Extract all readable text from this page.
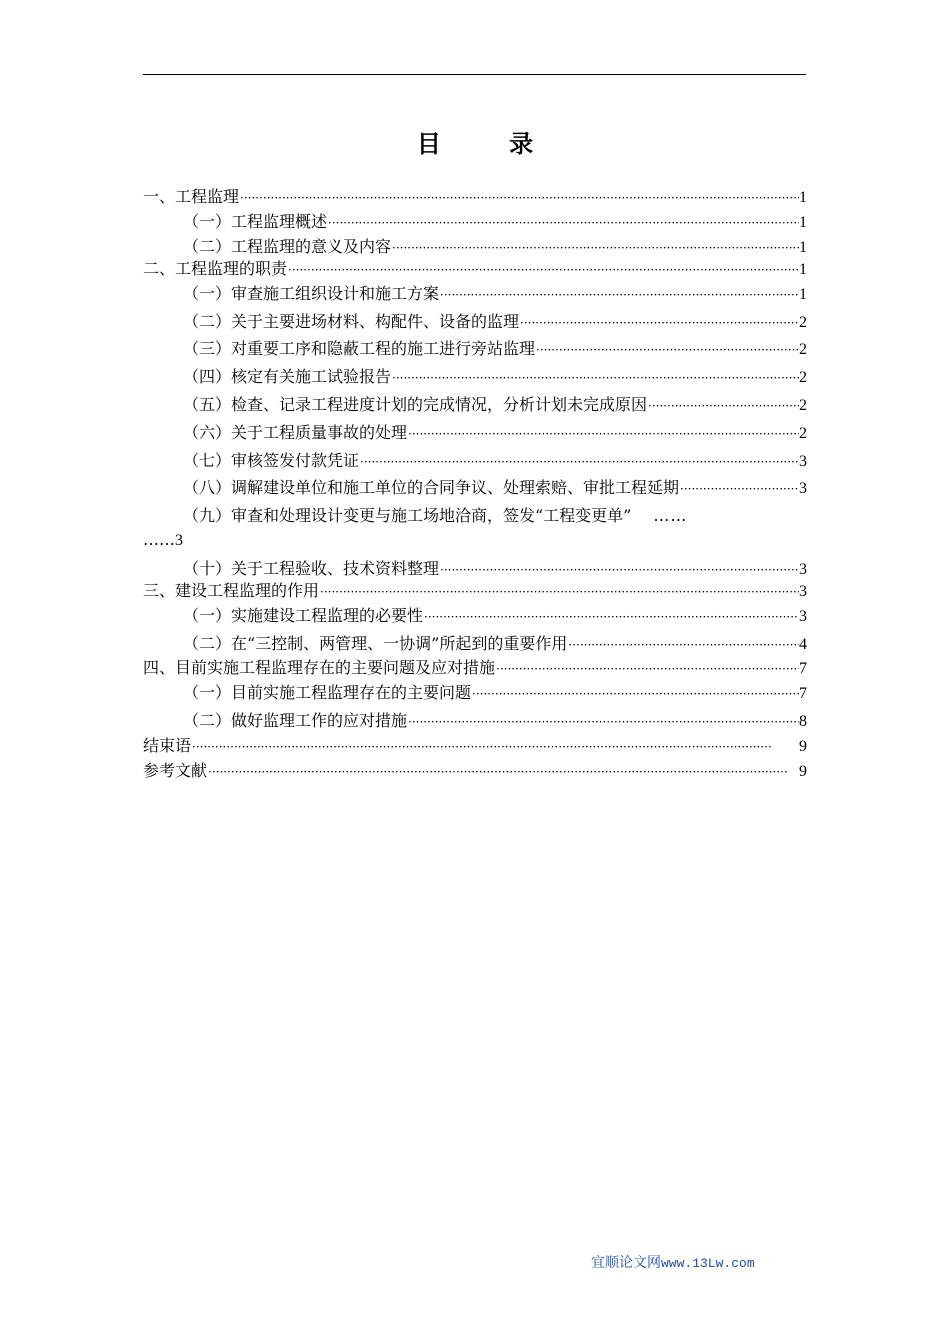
目 录
一、工程监理 ·····	1
（一）工程监理概述 ·····	1
（二）工程监理的意义及内容 ·····	1
二、工程监理的职责 ·····	1
（一）审查施工组织设计和施工方案 ·····	1
（二）关于主要进场材料、构配件、设备的监理 ·····	2
（三）对重要工序和隐蔽工程的施工进行旁站监理 ·····	2
（四）核定有关施工试验报告 ·····	2
（五）检查、记录工程进度计划的完成情况，分析计划未完成原因 ·····	2
（六）关于工程质量事故的处理 ·····	2
（七）审核签发付款凭证 ·····	3
（八）调解建设单位和施工单位的合同争议、处理索赔、审批工程延期 ·····	3
（九）审查和处理设计变更与施工场地洽商，签发“工程变更单” ……
……3
（十）关于工程验收、技术资料整理 ·····	3
三、建设工程监理的作用 ·····	3
（一）实施建设工程监理的必要性 ·····	3
（二）在“三控制、两管理、一协调”所起到的重要作用 ·····	4
四、目前实施工程监理存在的主要问题及应对措施 ·····	7
（一）目前实施工程监理存在的主要问题 ·····	7
（二）做好监理工作的应对措施 ·····	8
结束语 ·····	9
参考文献 ·····	9
宜顺论文网www.13Lw.com
